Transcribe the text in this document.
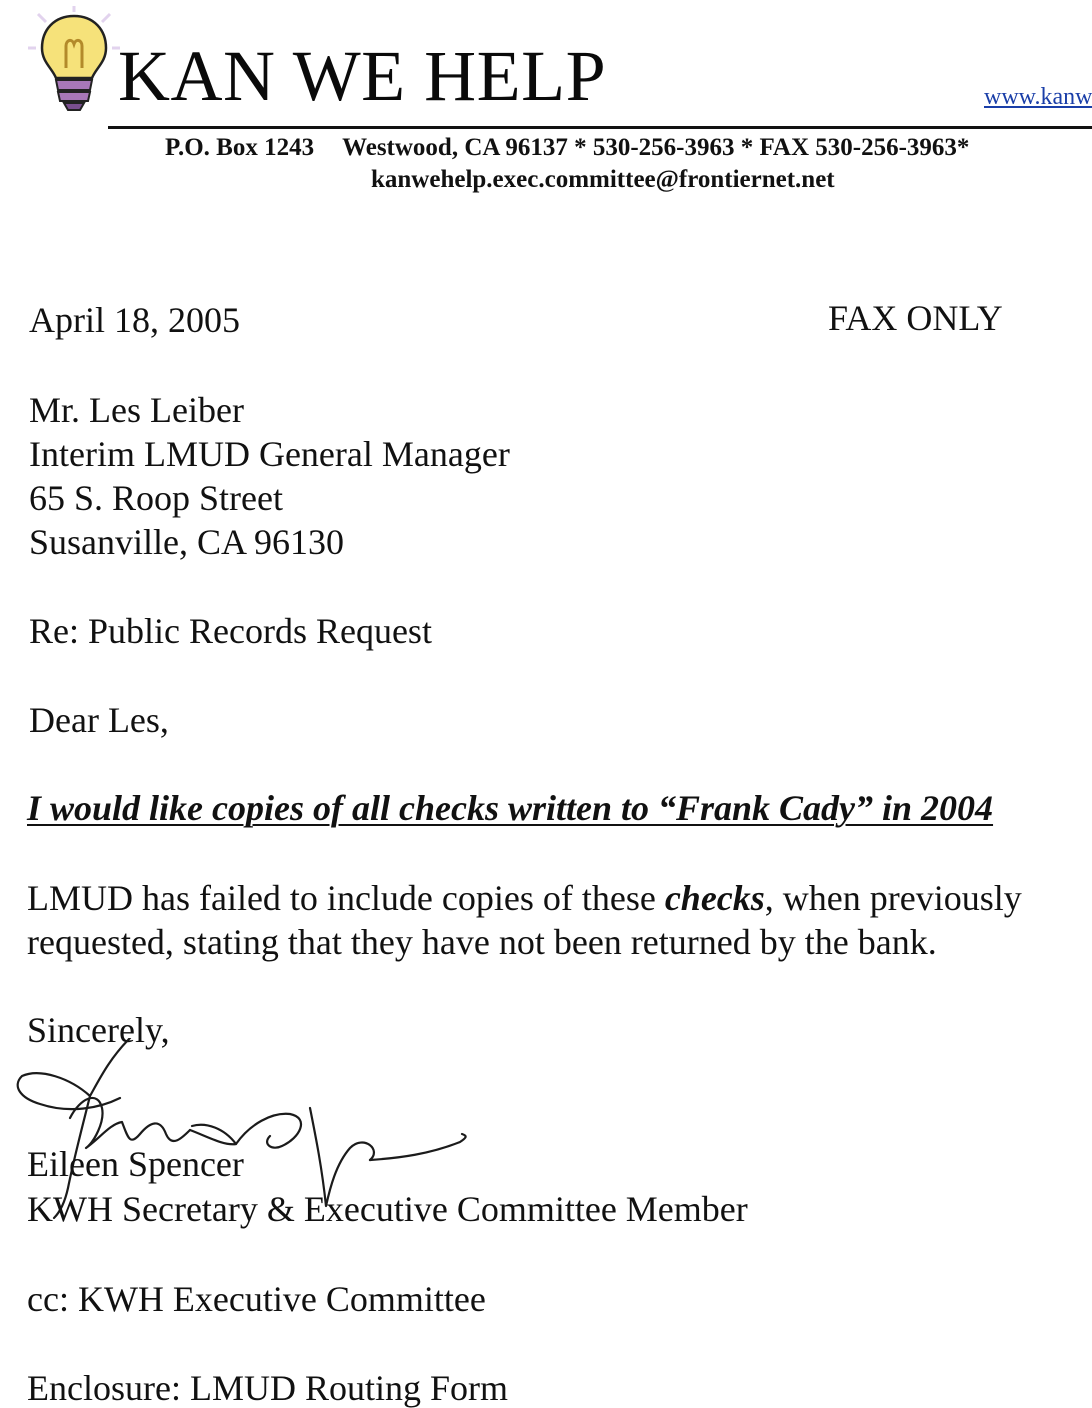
KAN WE HELP	www.kanw
P.O. Box 1243 Westwood, CA 96137 * 530-256-3963 * FAX 530-256-3963*
kanwehelp.exec.committee@frontiernet.net
April 18, 2005	FAX ONLY
Mr. Les Leiber
Interim LMUD General Manager
65 S. Roop Street
Susanville, CA 96130
Re: Public Records Request
Dear Les,
I would like copies of all checks written to “Frank Cady” in 2004
LMUD has failed to include copies of these checks, when previously
requested, stating that they have not been returned by the bank.
Sincerely,
Eileen Spencer
KWH Secretary & Executive Committee Member
cc: KWH Executive Committee
Enclosure: LMUD Routing Form
